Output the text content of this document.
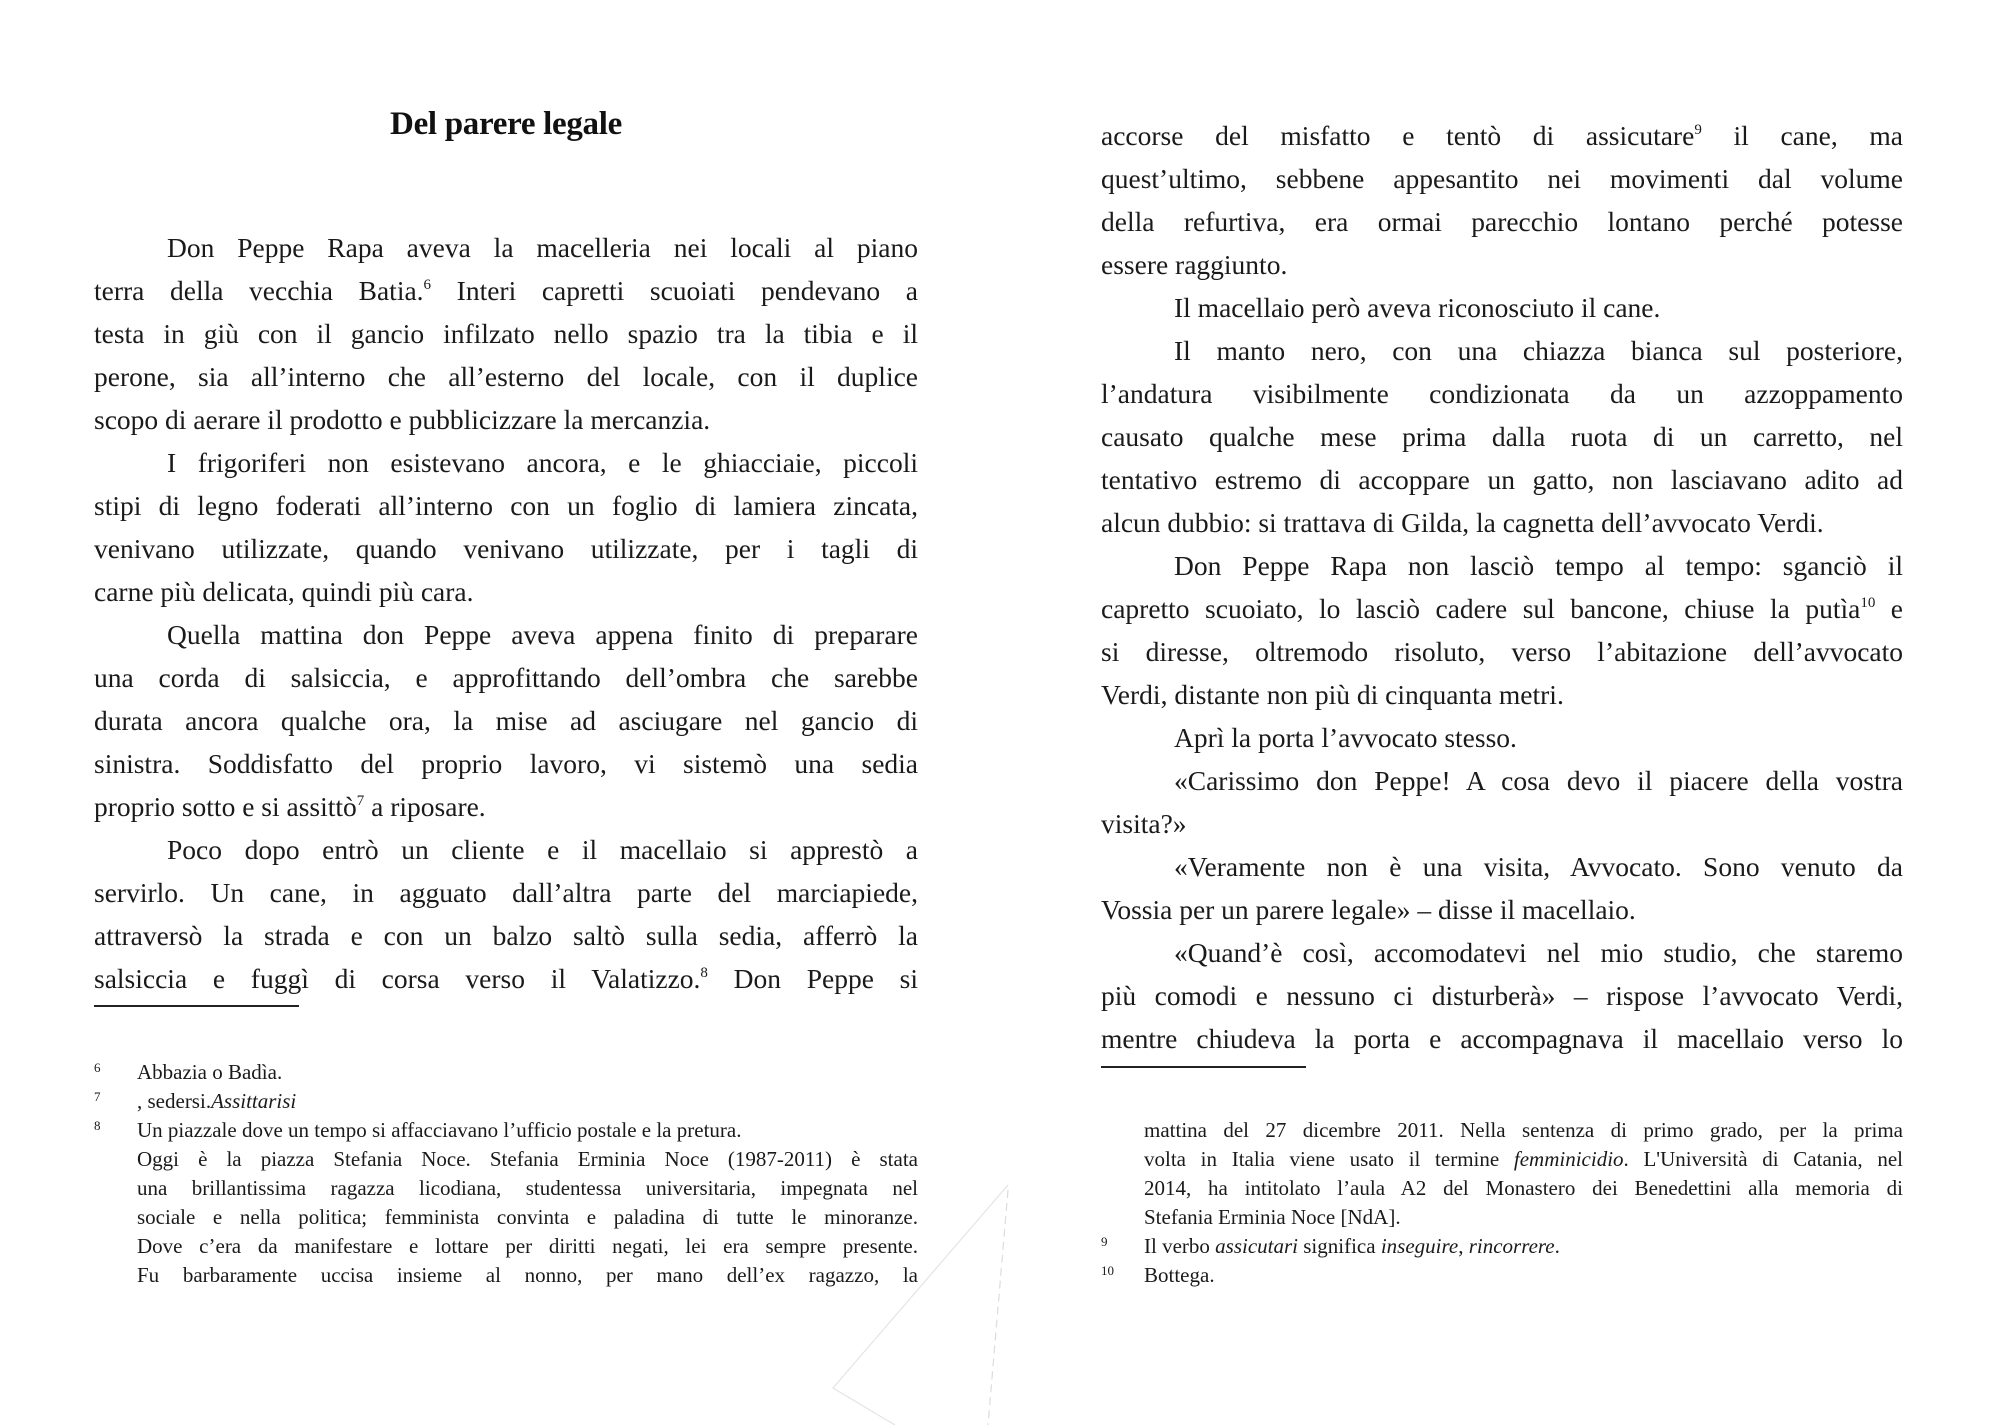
Del parere legale
Don Peppe Rapa aveva la macelleria nei locali al piano
terra della vecchia Batia.$^6$ Interi capretti scuoiati pendevano a
testa in giù con il gancio infilzato nello spazio tra la tibia e il
perone, sia all’interno che all’esterno del locale, con il duplice
scopo di aerare il prodotto e pubblicizzare la mercanzia.
I frigoriferi non esistevano ancora, e le ghiacciaie, piccoli
stipi di legno foderati all’interno con un foglio di lamiera zincata,
venivano utilizzate, quando venivano utilizzate, per i tagli di
carne più delicata, quindi più cara.
Quella mattina don Peppe aveva appena finito di preparare
una corda di salsiccia, e approfittando dell’ombra che sarebbe
durata ancora qualche ora, la mise ad asciugare nel gancio di
sinistra. Soddisfatto del proprio lavoro, vi sistemò una sedia
proprio sotto e si assittò$^7$ a riposare.
Poco dopo entrò un cliente e il macellaio si apprestò a
servirlo. Un cane, in agguato dall’altra parte del marciapiede,
attraversò la strada e con un balzo saltò sulla sedia, afferrò la
salsiccia e fuggì di corsa verso il Valatizzo.$^8$ Don Peppe si
6 Abbazia o Badìa.
7 , sedersi.Assittarisi
8 Un piazzale dove un tempo si affacciavano l’ufficio postale e la pretura.
Oggi è la piazza Stefania Noce. Stefania Erminia Noce (1987-2011) è stata
una brillantissima ragazza licodiana, studentessa universitaria, impegnata nel
sociale e nella politica; femminista convinta e paladina di tutte le minoranze.
Dove c’era da manifestare e lottare per diritti negati, lei era sempre presente.
Fu barbaramente uccisa insieme al nonno, per mano dell’ex ragazzo, la
accorse del misfatto e tentò di assicutare$^9$ il cane, ma
quest’ultimo, sebbene appesantito nei movimenti dal volume
della refurtiva, era ormai parecchio lontano perché potesse
essere raggiunto.
Il macellaio però aveva riconosciuto il cane.
Il manto nero, con una chiazza bianca sul posteriore,
l’andatura visibilmente condizionata da un azzoppamento
causato qualche mese prima dalla ruota di un carretto, nel
tentativo estremo di accoppare un gatto, non lasciavano adito ad
alcun dubbio: si trattava di Gilda, la cagnetta dell’avvocato Verdi.
Don Peppe Rapa non lasciò tempo al tempo: sganciò il
capretto scuoiato, lo lasciò cadere sul bancone, chiuse la putìa$^{10}$ e
si diresse, oltremodo risoluto, verso l’abitazione dell’avvocato
Verdi, distante non più di cinquanta metri.
Aprì la porta l’avvocato stesso.
«Carissimo don Peppe! A cosa devo il piacere della vostra
visita?»
«Veramente non è una visita, Avvocato. Sono venuto da
Vossia per un parere legale» – disse il macellaio.
«Quand’è così, accomodatevi nel mio studio, che staremo
più comodi e nessuno ci disturberà» – rispose l’avvocato Verdi,
mentre chiudeva la porta e accompagnava il macellaio verso lo
mattina del 27 dicembre 2011. Nella sentenza di primo grado, per la prima
volta in Italia viene usato il termine femminicidio. L'Università di Catania, nel
2014, ha intitolato l’aula A2 del Monastero dei Benedettini alla memoria di
Stefania Erminia Noce [NdA].
9 Il verbo assicutari significa inseguire, rincorrere.
10 Bottega.
